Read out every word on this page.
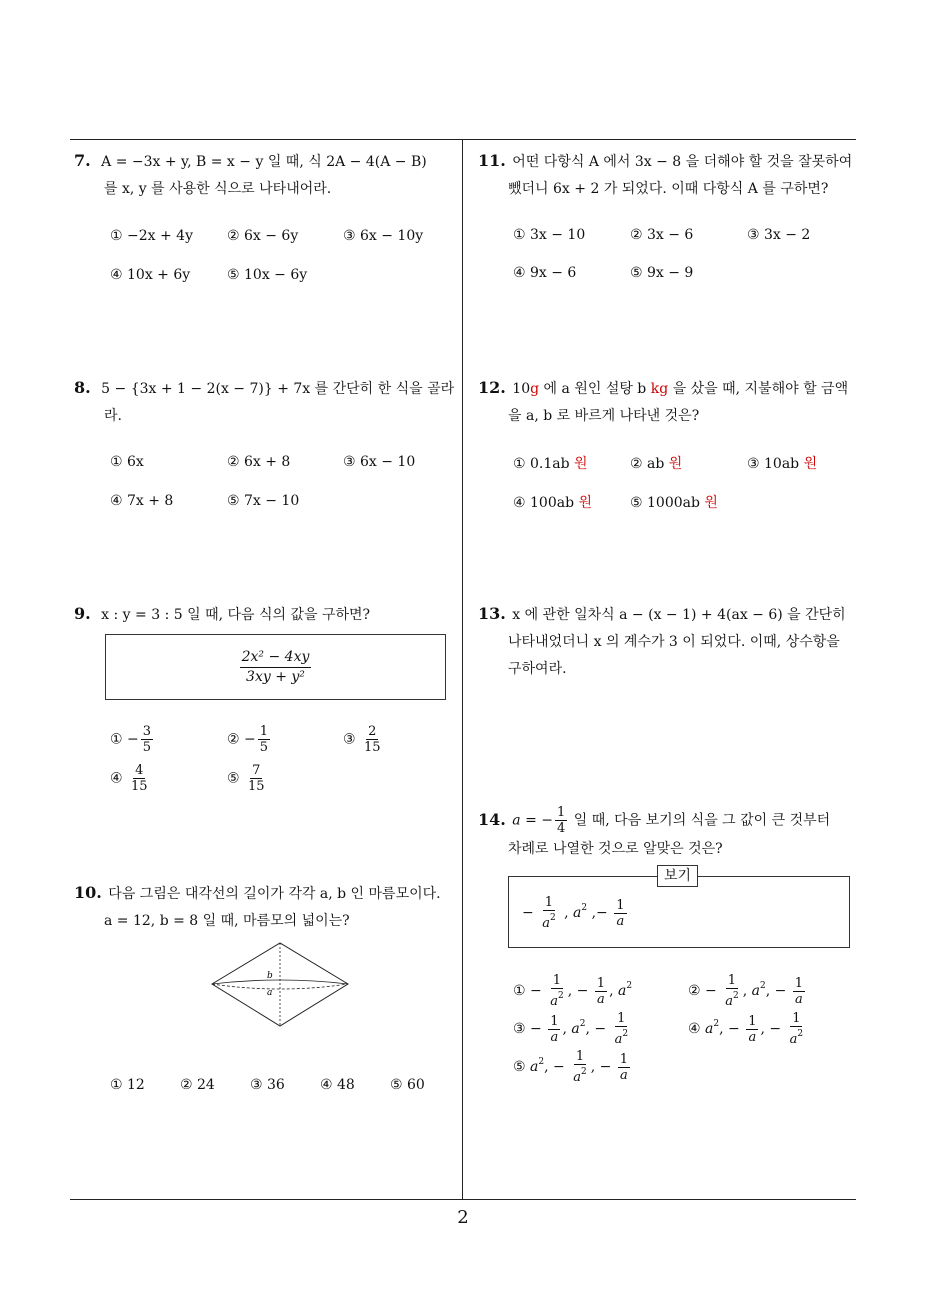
2
7. A = −3x + y, B = x − y 일 때, 식 2A − 4(A − B)
를 x, y 를 사용한 식으로 나타내어라.
① −2x + 4y ② 6x − 6y	③ 6x − 10y
④ 10x + 6y	⑤ 10x − 6y
8. 5 − {3x + 1 − 2(x − 7)} + 7x 를 간단히 한 식을 골라
라.
① 6x	② 6x + 8	③ 6x − 10
④ 7x + 8	⑤ 7x − 10
9. x : y = 3 : 5 일 때, 다음 식의 값을 구하면?
$\frac{\text{2x² − 4xy}}{\text{3xy + y²}}$
① − $\frac{3}{5}$	② − $\frac{1}{5}$	③ $\frac{2}{15}$
④ $\frac{4}{15}$	⑤ $\frac{7}{15}$
10. 다음 그림은 대각선의 길이가 각각 a, b 인 마름모이다.
a = 12, b = 8 일 때, 마름모의 넓이는?
b
a
① 12	② 24	③ 36	④ 48	⑤ 60
11. 어떤 다항식 A 에서 3x − 8 을 더해야 할 것을 잘못하여
뺐더니 6x + 2 가 되었다. 이때 다항식 A 를 구하면?
① 3x − 10	② 3x − 6	③ 3x − 2
④ 9x − 6	⑤ 9x − 9
12. 10g 에 a 원인 설탕 b kg 을 샀을 때, 지불해야 할 금액
을 a, b 로 바르게 나타낸 것은?
① 0.1ab 원	② ab 원	③ 10ab 원
④ 100ab 원	⑤ 1000ab 원
13. x 에 관한 일차식 a − (x − 1) + 4(ax − 6) 을 간단히
나타내었더니 x 의 계수가 3 이 되었다. 이때, 상수항을
구하여라.
14. a = − $\frac{1}{4}$ 일 때, 다음 보기의 식을 그 값이 큰 것부터
차례로 나열한 것으로 알맞은 것은?
보기
− $\frac{1}{a^2}$ , $a^2$ ,− $\frac{1}{a}$
① − $\frac{1}{a^2}$ , − $\frac{1}{a}$ , $a^2$	② − $\frac{1}{a^2}$ , $a^2$, − $\frac{1}{a}$
③ − $\frac{1}{a}$ , $a^2$, − $\frac{1}{a^2}$	④ $a^2$, − $\frac{1}{a}$ , − $\frac{1}{a^2}$
⑤ $a^2$, − $\frac{1}{a^2}$ , − $\frac{1}{a}$
